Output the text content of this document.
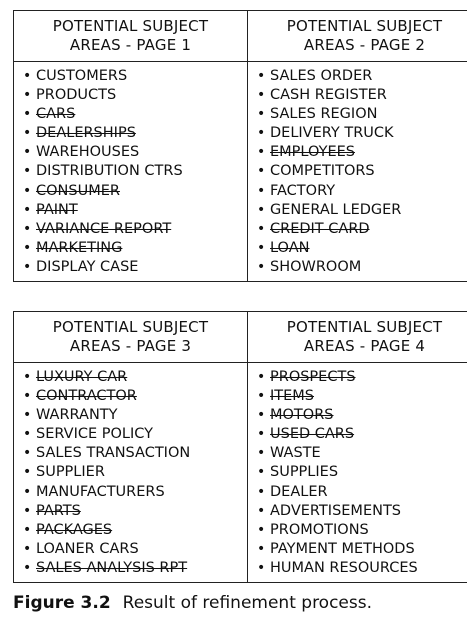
POTENTIAL SUBJECT
AREAS - PAGE 1
• CUSTOMERS
• PRODUCTS
• CARS
• DEALERSHIPS
• WAREHOUSES
• DISTRIBUTION CTRS
• CONSUMER
• PAINT
• VARIANCE REPORT
• MARKETING
• DISPLAY CASE
POTENTIAL SUBJECT
AREAS - PAGE 2
• SALES ORDER
• CASH REGISTER
• SALES REGION
• DELIVERY TRUCK
• EMPLOYEES
• COMPETITORS
• FACTORY
• GENERAL LEDGER
• CREDIT CARD
• LOAN
• SHOWROOM
POTENTIAL SUBJECT
AREAS - PAGE 3
• LUXURY CAR
• CONTRACTOR
• WARRANTY
• SERVICE POLICY
• SALES TRANSACTION
• SUPPLIER
• MANUFACTURERS
• PARTS
• PACKAGES
• LOANER CARS
• SALES ANALYSIS RPT
POTENTIAL SUBJECT
AREAS - PAGE 4
• PROSPECTS
• ITEMS
• MOTORS
• USED CARS
• WASTE
• SUPPLIES
• DEALER
• ADVERTISEMENTS
• PROMOTIONS
• PAYMENT METHODS
• HUMAN RESOURCES
Figure 3.2 Result of refinement process.
